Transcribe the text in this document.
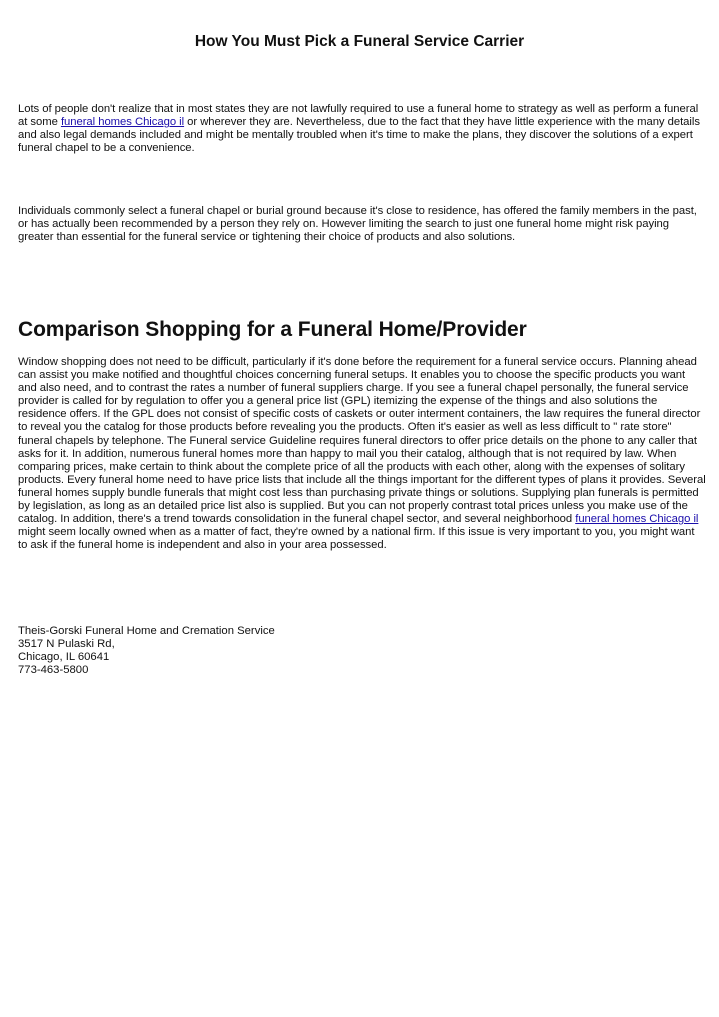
How You Must Pick a Funeral Service Carrier

Lots of people don't realize that in most states they are not lawfully required to use a funeral home to strategy as well as perform a funeral at some funeral homes Chicago il or wherever they are. Nevertheless, due to the fact that they have little experience with the many details and also legal demands included and might be mentally troubled when it's time to make the plans, they discover the solutions of a expert funeral chapel to be a convenience.

Individuals commonly select a funeral chapel or burial ground because it's close to residence, has offered the family members in the past, or has actually been recommended by a person they rely on. However limiting the search to just one funeral home might risk paying greater than essential for the funeral service or tightening their choice of products and also solutions.

Comparison Shopping for a Funeral Home/Provider

Window shopping does not need to be difficult, particularly if it's done before the requirement for a funeral service occurs. Planning ahead can assist you make notified and thoughtful choices concerning funeral setups. It enables you to choose the specific products you want and also need, and to contrast the rates a number of funeral suppliers charge. If you see a funeral chapel personally, the funeral service provider is called for by regulation to offer you a general price list (GPL) itemizing the expense of the things and also solutions the residence offers. If the GPL does not consist of specific costs of caskets or outer interment containers, the law requires the funeral director to reveal you the catalog for those products before revealing you the products. Often it's easier as well as less difficult to " rate store" funeral chapels by telephone. The Funeral service Guideline requires funeral directors to offer price details on the phone to any caller that asks for it. In addition, numerous funeral homes more than happy to mail you their catalog, although that is not required by law. When comparing prices, make certain to think about the complete price of all the products with each other, along with the expenses of solitary products. Every funeral home need to have price lists that include all the things important for the different types of plans it provides. Several funeral homes supply bundle funerals that might cost less than purchasing private things or solutions. Supplying plan funerals is permitted by legislation, as long as an detailed price list also is supplied. But you can not properly contrast total prices unless you make use of the catalog. In addition, there's a trend towards consolidation in the funeral chapel sector, and several neighborhood funeral homes Chicago il might seem locally owned when as a matter of fact, they're owned by a national firm. If this issue is very important to you, you might want to ask if the funeral home is independent and also in your area possessed.

Theis-Gorski Funeral Home and Cremation Service
3517 N Pulaski Rd,
Chicago, IL 60641
773-463-5800
